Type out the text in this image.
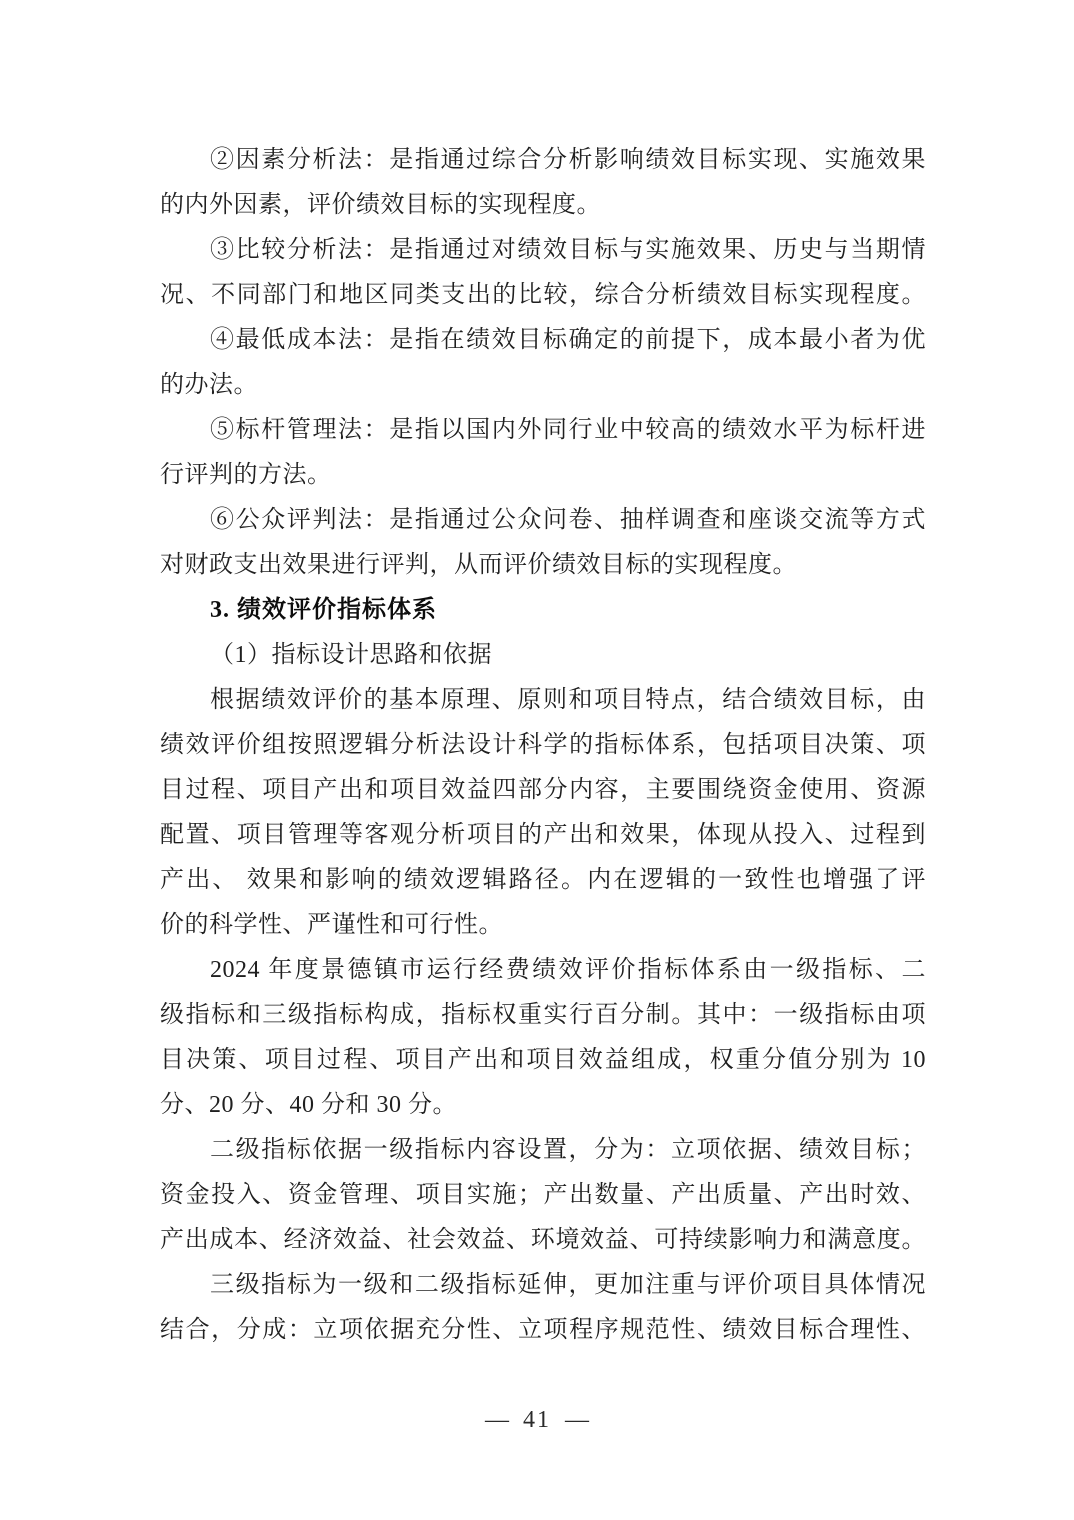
②因素分析法：是指通过综合分析影响绩效目标实现、实施效果
的内外因素，评价绩效目标的实现程度。
③比较分析法：是指通过对绩效目标与实施效果、历史与当期情
况、不同部门和地区同类支出的比较，综合分析绩效目标实现程度。
④最低成本法：是指在绩效目标确定的前提下，成本最小者为优
的办法。
⑤标杆管理法：是指以国内外同行业中较高的绩效水平为标杆进
行评判的方法。
⑥公众评判法：是指通过公众问卷、抽样调查和座谈交流等方式
对财政支出效果进行评判，从而评价绩效目标的实现程度。
3. 绩效评价指标体系
（1）指标设计思路和依据
根据绩效评价的基本原理、原则和项目特点，结合绩效目标，由
绩效评价组按照逻辑分析法设计科学的指标体系，包括项目决策、项
目过程、项目产出和项目效益四部分内容，主要围绕资金使用、资源
配置、项目管理等客观分析项目的产出和效果，体现从投入、过程到
产出、 效果和影响的绩效逻辑路径。内在逻辑的一致性也增强了评
价的科学性、严谨性和可行性。
2024 年度景德镇市运行经费绩效评价指标体系由一级指标、二
级指标和三级指标构成，指标权重实行百分制。其中：一级指标由项
目决策、项目过程、项目产出和项目效益组成，权重分值分别为 10
分、20 分、40 分和 30 分。
二级指标依据一级指标内容设置，分为：立项依据、绩效目标；
资金投入、资金管理、项目实施；产出数量、产出质量、产出时效、
产出成本、经济效益、社会效益、环境效益、可持续影响力和满意度。
三级指标为一级和二级指标延伸，更加注重与评价项目具体情况
结合，分成：立项依据充分性、立项程序规范性、绩效目标合理性、
— 41 —
